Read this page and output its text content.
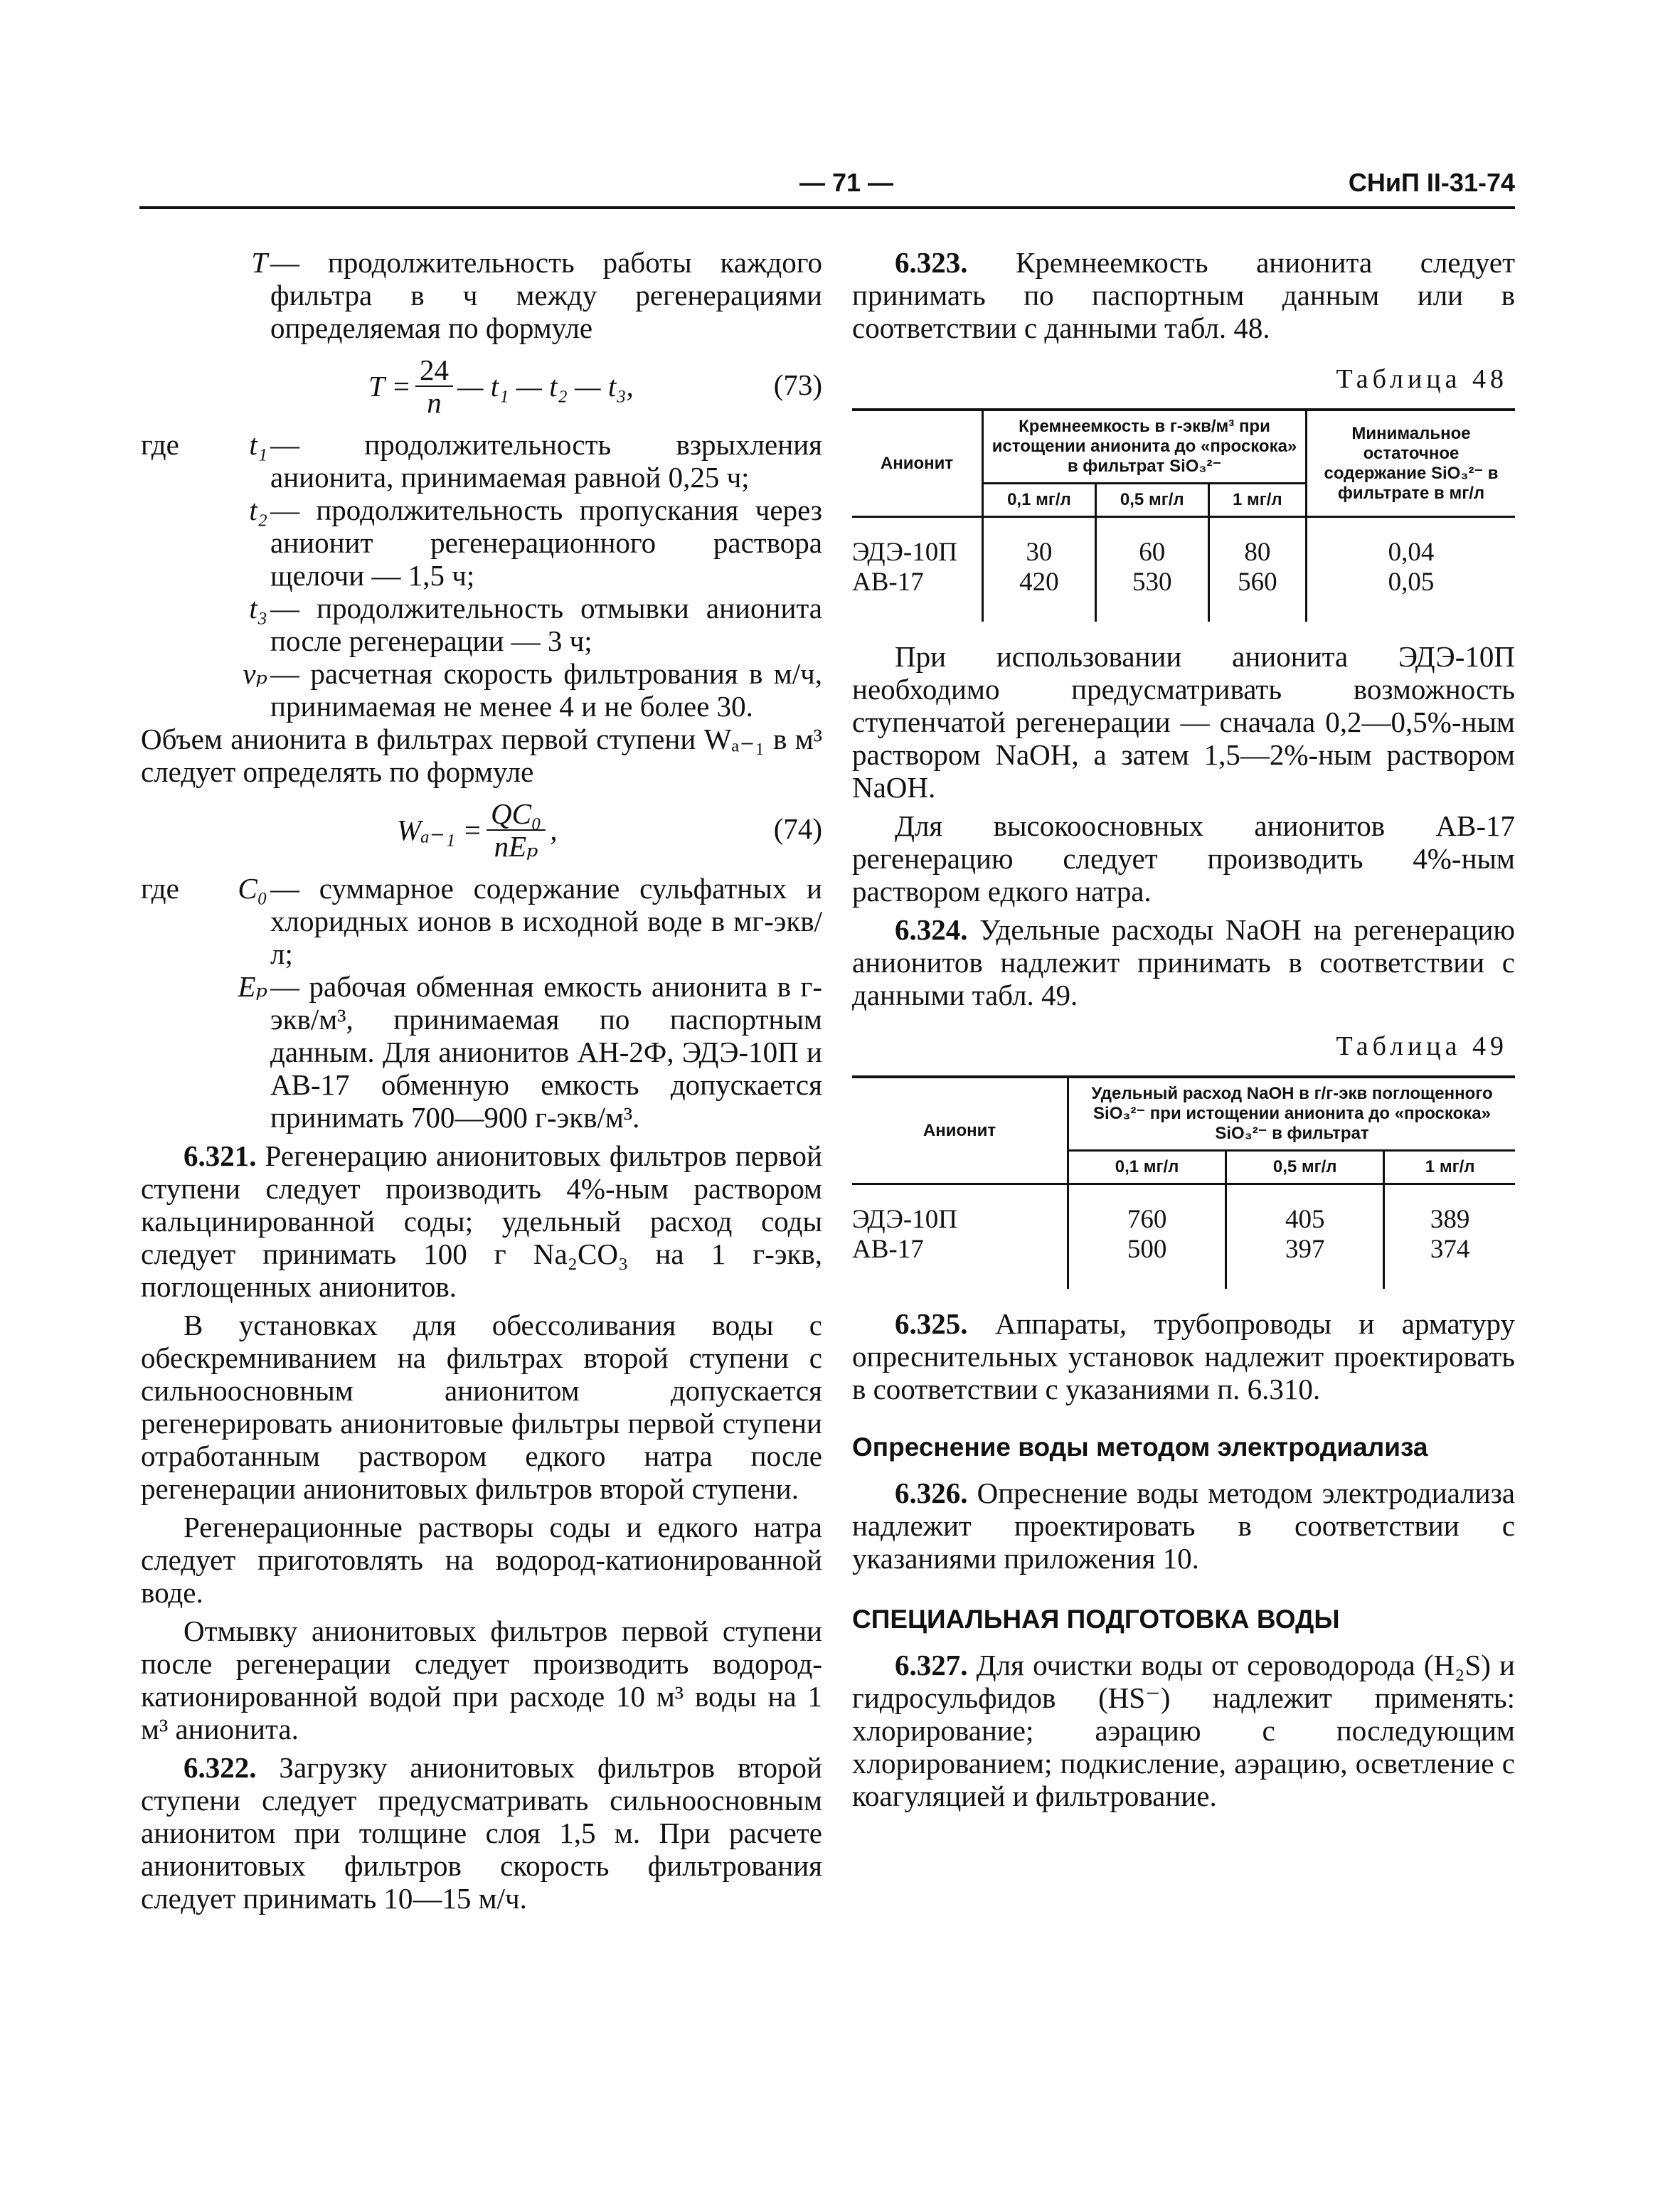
— 71 —	СНиП II-31-74
T — продолжительность работы каждого фильтра в ч между регенерациями определяемая по формуле
$T = \frac{24}{n}$ — t₁ — t₂ — t₃,	(73)
где	t₁ — продолжительность взрыхления анионита, принимаемая равной 0,25 ч;
t₂ — продолжительность пропускания через анионит регенерационного раствора щелочи — 1,5 ч;
t₃ — продолжительность отмывки анионита после регенерации — 3 ч;
vₚ — расчетная скорость фильтрования в м/ч, принимаемая не менее 4 и не более 30.

Объем анионита в фильтрах первой ступени Wₐ₋₁ в м³ следует определять по формуле

$W_{a-1} = \frac{\text{QC₀}}{\text{nEₚ}}$ ,	(74)
где	C₀ — суммарное содержание сульфатных и хлоридных ионов в исходной воде в мг-экв/л;
Eₚ — рабочая обменная емкость анионита в г-экв/м³, принимаемая по паспортным данным. Для анионитов АН-2Ф, ЭДЭ-10П и АВ-17 обменную емкость допускается принимать 700—900 г-экв/м³.

6.321. Регенерацию анионитовых фильтров первой ступени следует производить 4%-ным раствором кальцинированной соды; удельный расход соды следует принимать 100 г Na₂CO₃ на 1 г-экв, поглощенных анионитов.

В установках для обессоливания воды с обескремниванием на фильтрах второй ступени с сильноосновным анионитом допускается регенерировать анионитовые фильтры первой ступени отработанным раствором едкого натра после регенерации анионитовых фильтров второй ступени.

Регенерационные растворы соды и едкого натра следует приготовлять на водород-катионированной воде.

Отмывку анионитовых фильтров первой ступени после регенерации следует производить водород-катионированной водой при расходе 10 м³ воды на 1 м³ анионита.

6.322. Загрузку анионитовых фильтров второй ступени следует предусматривать сильноосновным анионитом при толщине слоя 1,5 м. При расчете анионитовых фильтров скорость фильтрования следует принимать 10—15 м/ч.

6.323. Кремнеемкость анионита следует принимать по паспортным данным или в соответствии с данными табл. 48.

Таблица 48
Анионит	Кремнеемкость в г-экв/м³ при истощении анионита до «проскока» в фильтрат SiO₃²⁻			Минимальное остаточное содержание SiO₃²⁻ в фильтрате в мг/л
	0,1 мг/л	0,5 мг/л	1 мг/л	
ЭДЭ-10П	30	60	80	0,04
АВ-17	420	530	560	0,05

При использовании анионита ЭДЭ-10П необходимо предусматривать возможность ступенчатой регенерации — сначала 0,2—0,5%-ным раствором NaOH, а затем 1,5—2%-ным раствором NaOH.

Для высокоосновных анионитов АВ-17 регенерацию следует производить 4%-ным раствором едкого натра.

6.324. Удельные расходы NaOH на регенерацию анионитов надлежит принимать в соответствии с данными табл. 49.

Таблица 49
Анионит	Удельный расход NaOH в г/г-экв поглощенного SiO₃²⁻ при истощении анионита до «проскока» SiO₃²⁻ в фильтрат		
	0,1 мг/л	0,5 мг/л	1 мг/л
ЭДЭ-10П	760	405	389
АВ-17	500	397	374

6.325. Аппараты, трубопроводы и арматуру опреснительных установок надлежит проектировать в соответствии с указаниями п. 6.310.

Опреснение воды методом электродиализа

6.326. Опреснение воды методом электродиализа надлежит проектировать в соответствии с указаниями приложения 10.

СПЕЦИАЛЬНАЯ ПОДГОТОВКА ВОДЫ

6.327. Для очистки воды от сероводорода (H₂S) и гидросульфидов (HS⁻) надлежит применять: хлорирование; аэрацию с последующим хлорированием; подкисление, аэрацию, осветление с коагуляцией и фильтрование.
